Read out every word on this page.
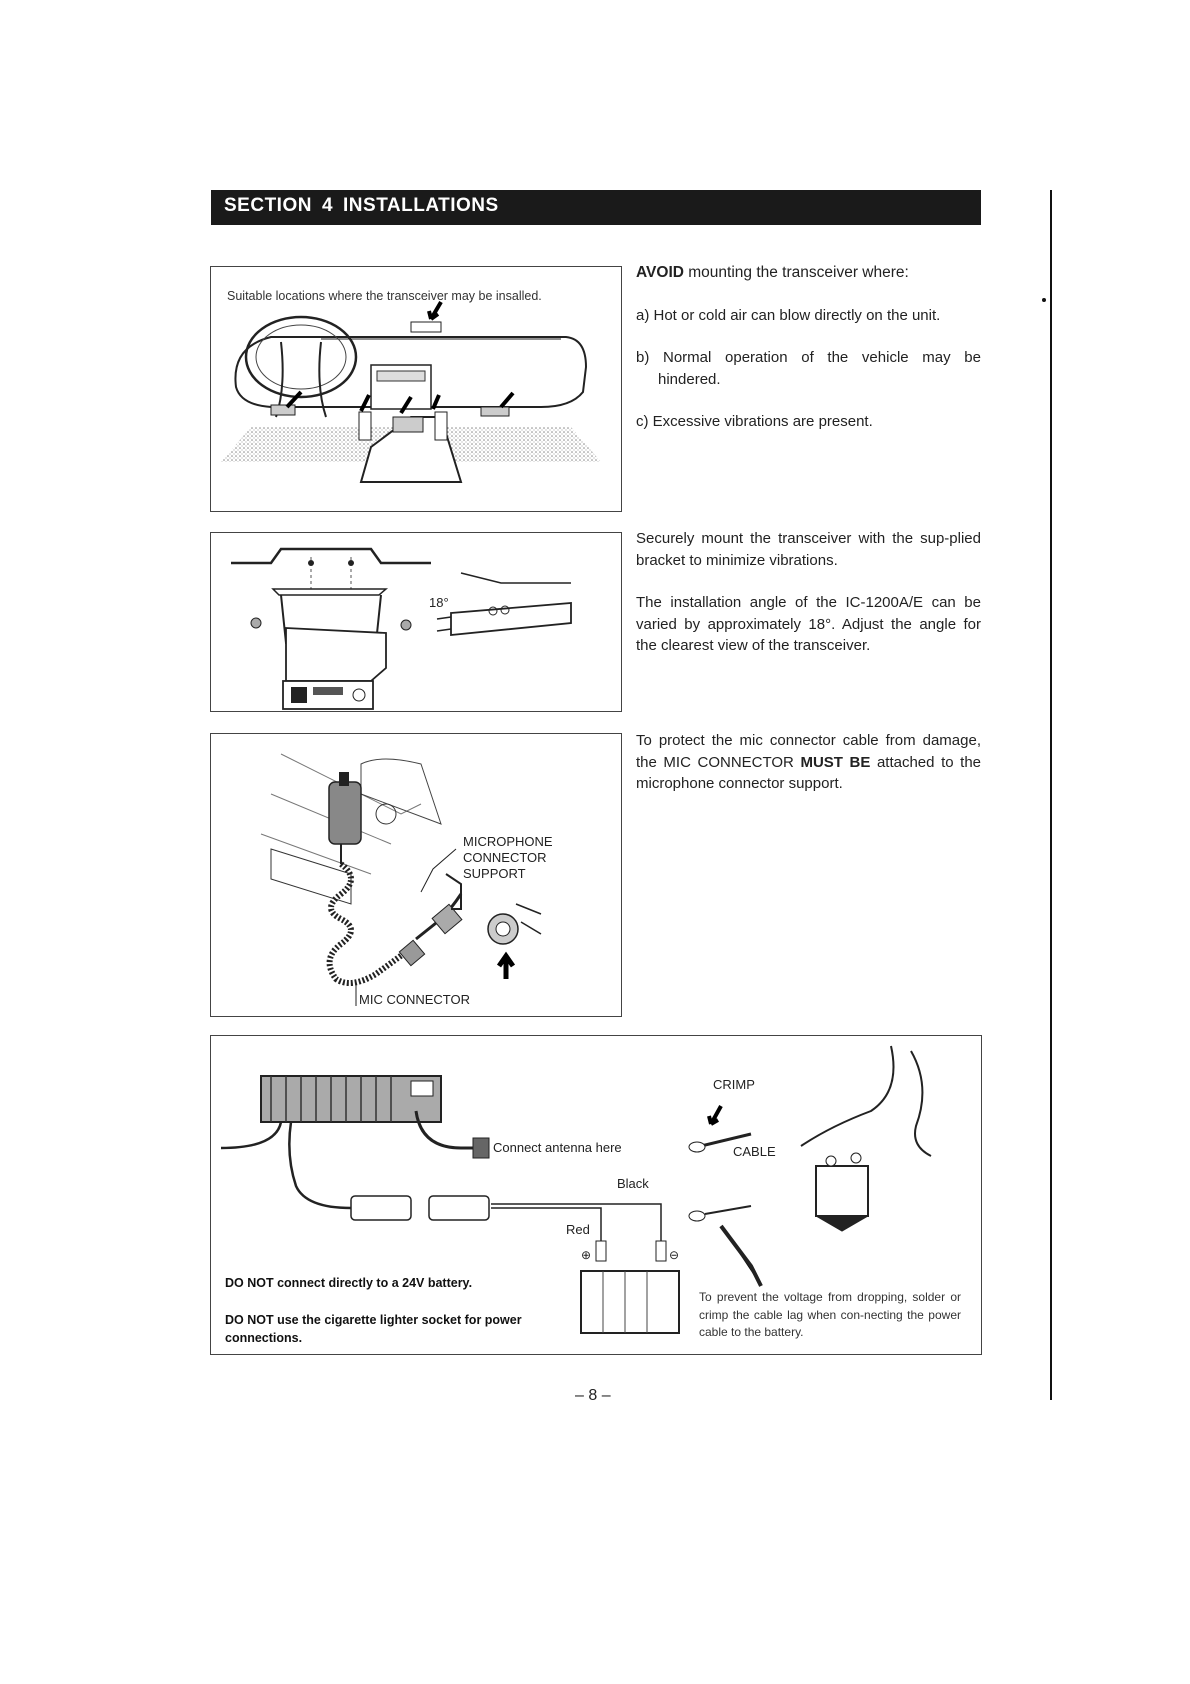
SECTION 4 INSTALLATIONS
Suitable locations where the transceiver may be insalled.

AVOID mounting the transceiver where:

a) Hot or cold air can blow directly on the unit.

b) Normal operation of the vehicle may be hindered.

c) Excessive vibrations are present.

18°

Securely mount the transceiver with the sup-plied bracket to minimize vibrations.

The installation angle of the IC-1200A/E can be varied by approximately 18°. Adjust the angle for the clearest view of the transceiver.

MICROPHONE
CONNECTOR
SUPPORT
MIC CONNECTOR

To protect the mic connector cable from damage, the MIC CONNECTOR MUST BE attached to the microphone connector support.

Connect antenna here
Black
Red
⊕	⊖
CRIMP
CABLE
DO NOT connect directly to a 24V battery.
DO NOT use the cigarette lighter socket for power connections.
To prevent the voltage from dropping, solder or crimp the cable lag when con-necting the power cable to the battery.
– 8 –
